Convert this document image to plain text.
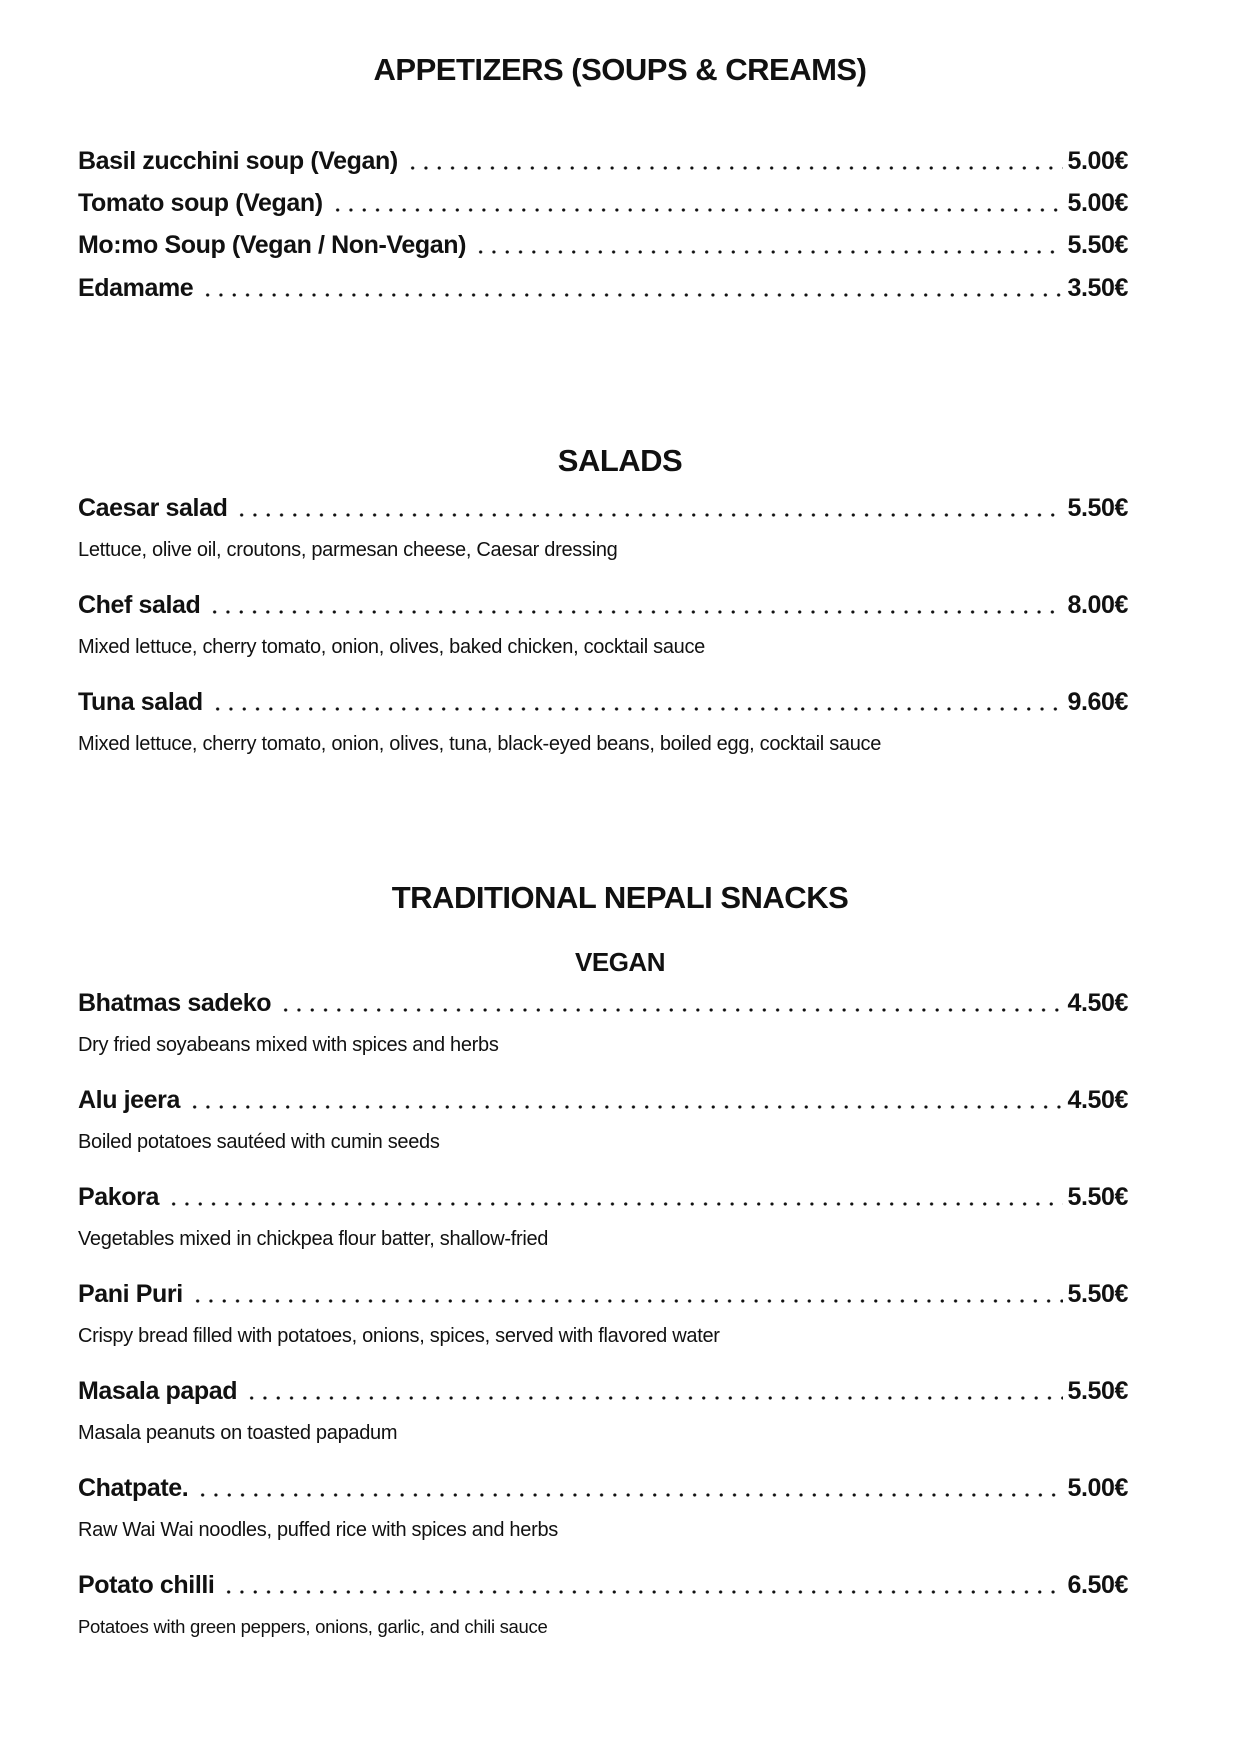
APPETIZERS (SOUPS & CREAMS)
Basil zucchini soup (Vegan)	5.00€
Tomato soup (Vegan)	5.00€
Mo:mo Soup (Vegan / Non-Vegan)	5.50€
Edamame	3.50€
SALADS
Caesar salad	5.50€
Lettuce, olive oil, croutons, parmesan cheese, Caesar dressing
Chef salad	8.00€
Mixed lettuce, cherry tomato, onion, olives, baked chicken, cocktail sauce
Tuna salad	9.60€
Mixed lettuce, cherry tomato, onion, olives, tuna, black-eyed beans, boiled egg, cocktail sauce
TRADITIONAL NEPALI SNACKS
VEGAN
Bhatmas sadeko	4.50€
Dry fried soyabeans mixed with spices and herbs
Alu jeera	4.50€
Boiled potatoes sautéed with cumin seeds
Pakora	5.50€
Vegetables mixed in chickpea flour batter, shallow-fried
Pani Puri	5.50€
Crispy bread filled with potatoes, onions, spices, served with flavored water
Masala papad	5.50€
Masala peanuts on toasted papadum
Chatpate.	5.00€
Raw Wai Wai noodles, puffed rice with spices and herbs
Potato chilli	6.50€
Potatoes with green peppers, onions, garlic, and chili sauce
